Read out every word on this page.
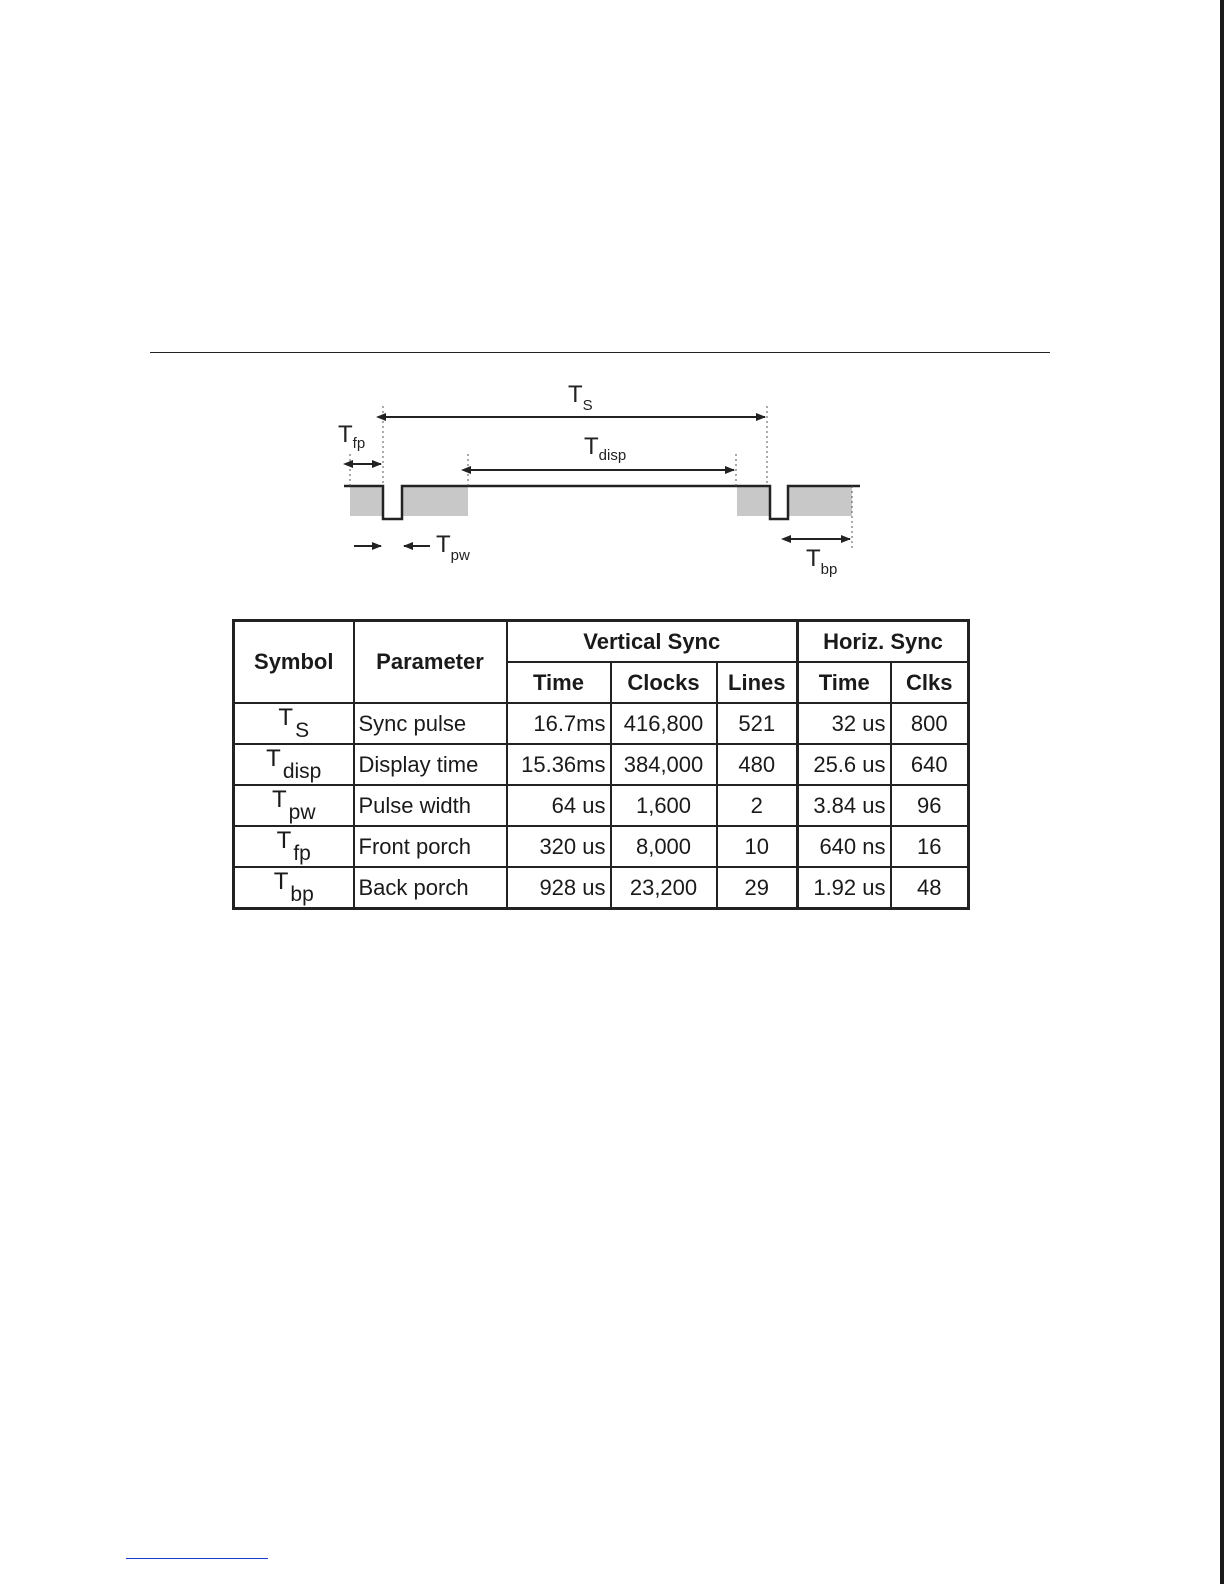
TS
Tdisp
Tfp
Tpw	Tbp
Symbol	Parameter	Vertical Sync			Horiz. Sync	
		Time	Clocks	Lines	Time	Clks
TS	Sync pulse	16.7ms	416,800	521	32 us	800
Tdisp	Display time	15.36ms	384,000	480	25.6 us	640
Tpw	Pulse width	64 us	1,600	2	3.84 us	96
Tfp	Front porch	320 us	8,000	10	640 ns	16
Tbp	Back porch	928 us	23,200	29	1.92 us	48
